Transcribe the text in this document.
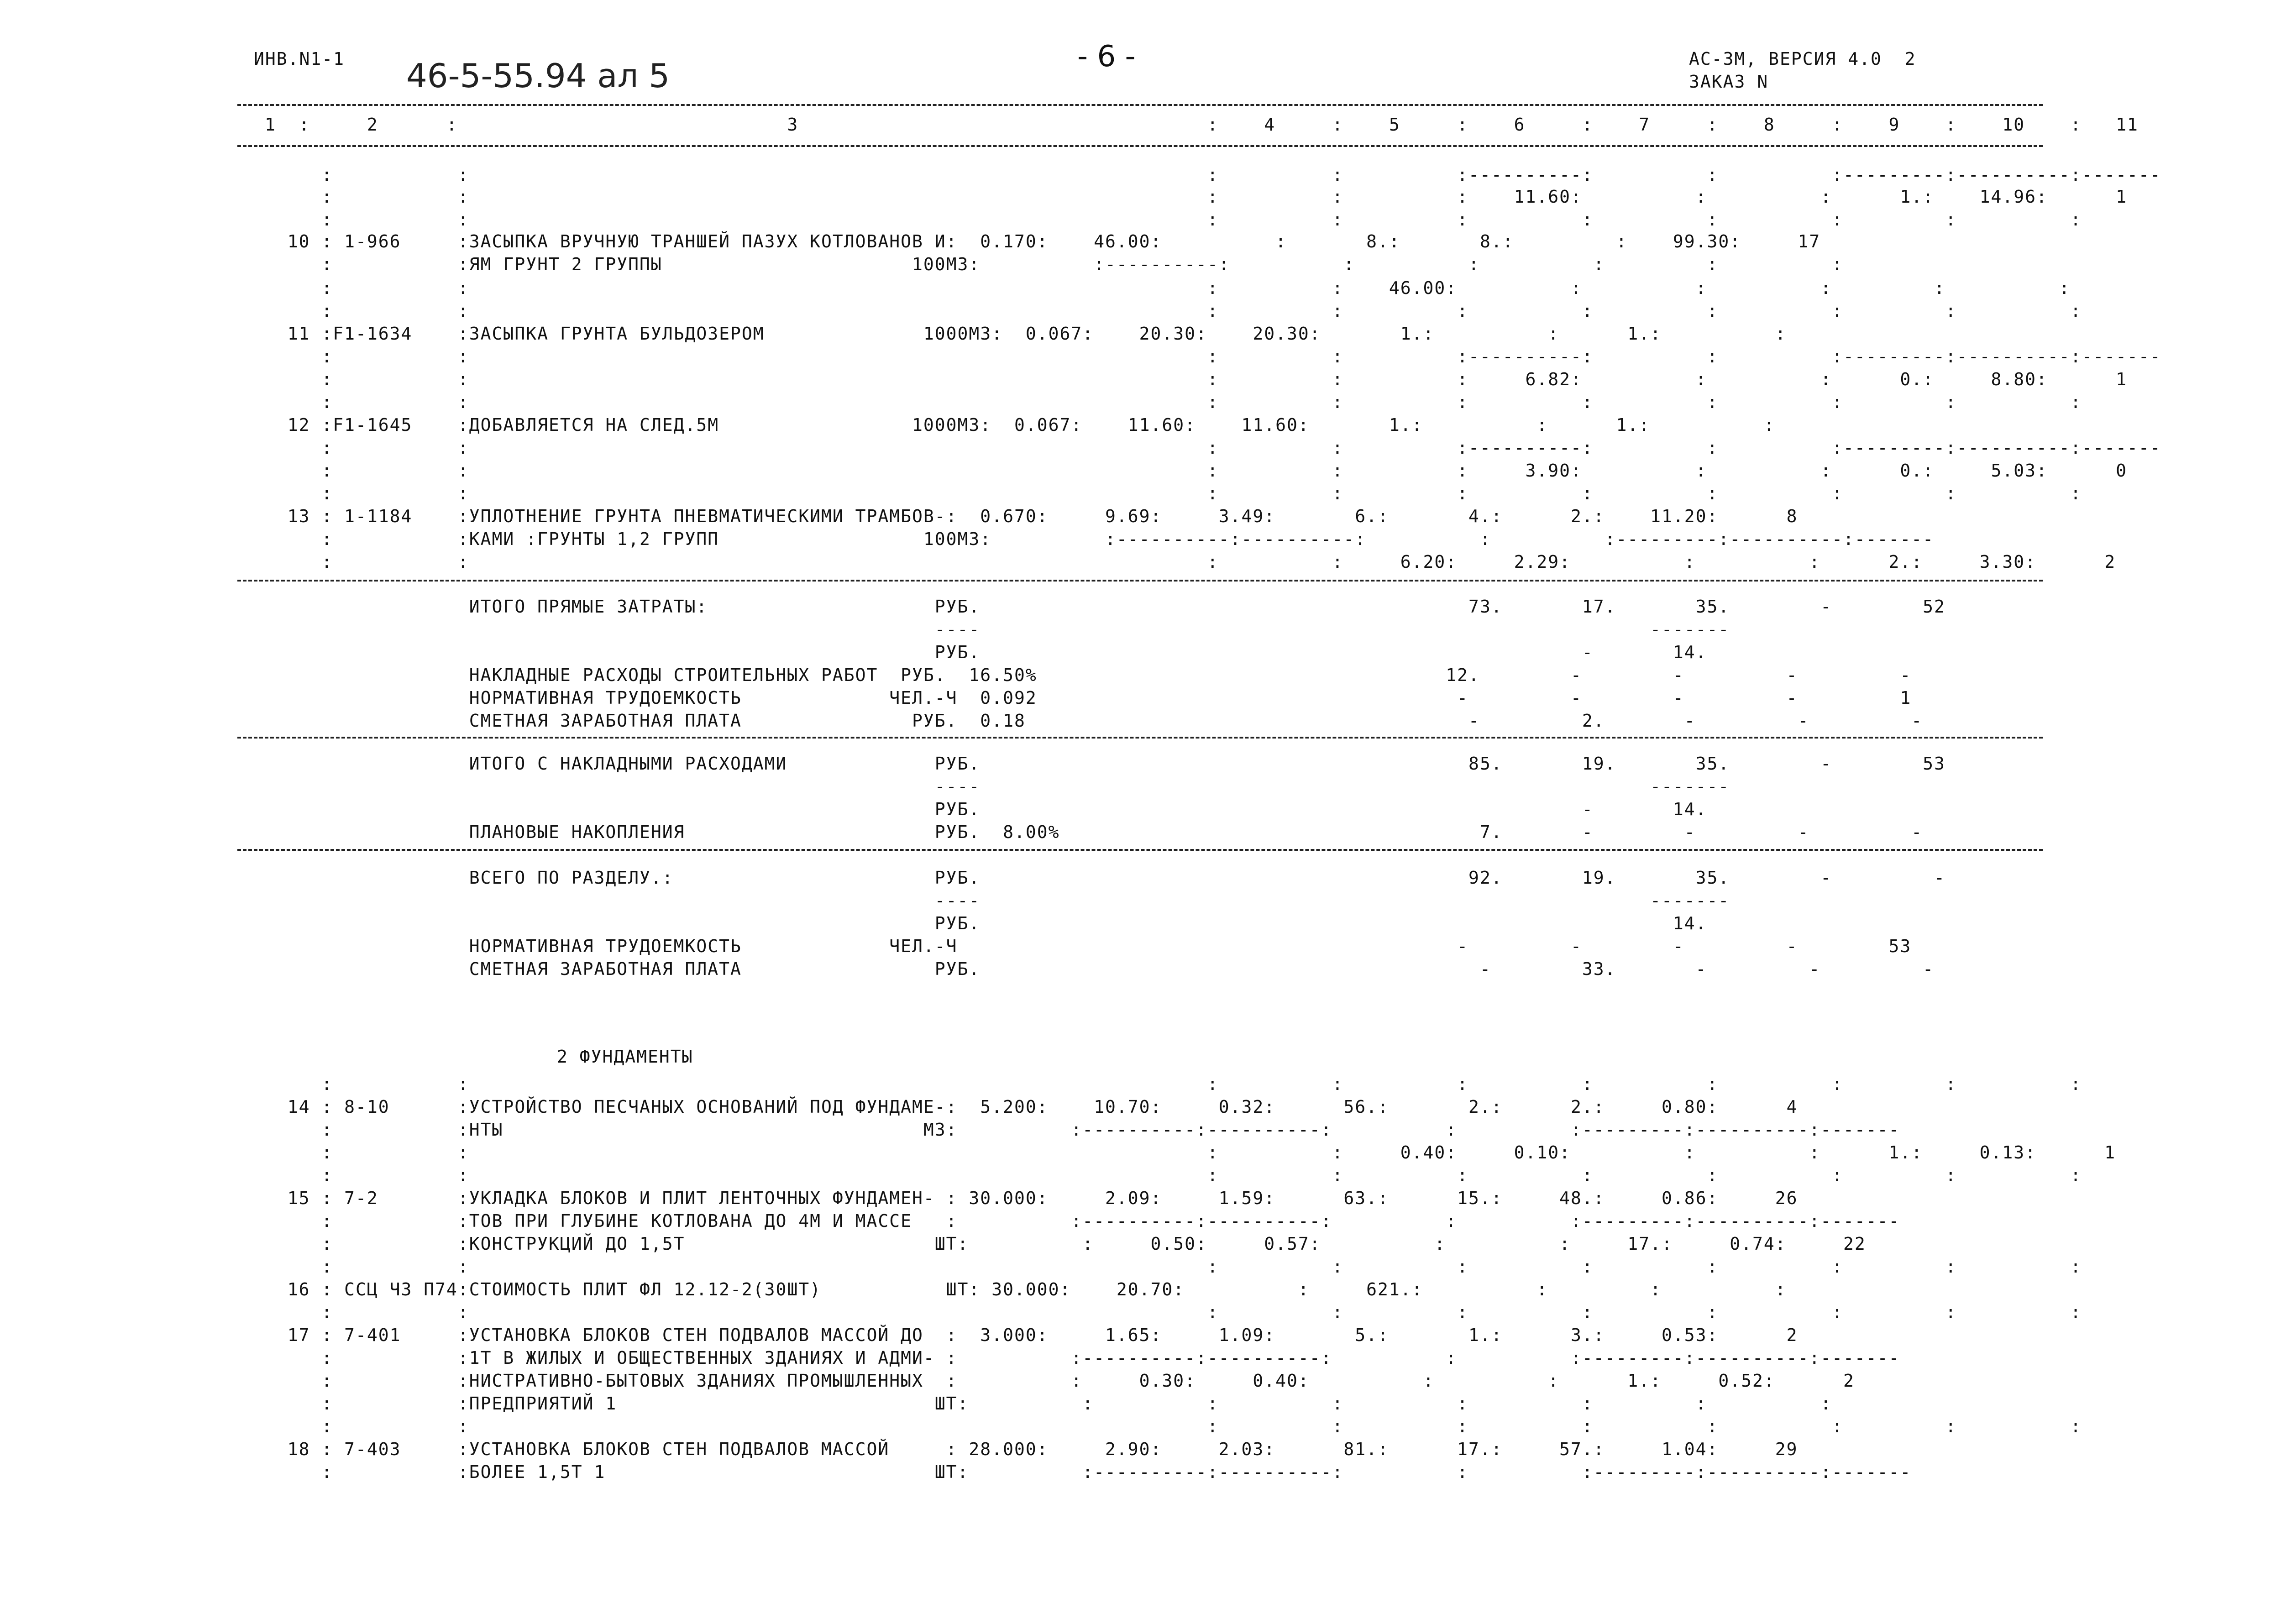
ИНВ.N1-1 46-5-55.94 ал 5	- 6 -	АС-3М, ВЕРСИЯ 4.0  2
ЗАКАЗ N
1  :     2      :                             3                                    :    4     :    5     :    6     :    7     :    8     :    9    :    10    :   11
:           :                                                                 :          :          :----------:          :          :---------:----------:-------
:           :                                                                 :          :          :    11.60:          :          :      1.:    14.96:      1
:           :                                                                 :          :          :          :          :          :         :          :
10 : 1-966     :ЗАСЫПКА ВРУЧНУЮ ТРАНШЕЙ ПАЗУХ КОТЛОВАНОВ И:  0.170:    46.00:          :       8.:       8.:         :    99.30:     17
:           :ЯМ ГРУНТ 2 ГРУППЫ                      100М3:          :----------:          :          :          :         :          :
:           :                                                                 :          :    46.00:          :          :          :         :          :
:           :                                                                 :          :          :          :          :          :         :          :
11 :F1-1634    :ЗАСЫПКА ГРУНТА БУЛЬДОЗЕРОМ              1000М3:  0.067:    20.30:    20.30:       1.:          :      1.:          :
:           :                                                                 :          :          :----------:          :          :---------:----------:-------
:           :                                                                 :          :          :     6.82:          :          :      0.:     8.80:      1
:           :                                                                 :          :          :          :          :          :         :          :
12 :F1-1645    :ДОБАВЛЯЕТСЯ НА СЛЕД.5М                 1000М3:  0.067:    11.60:    11.60:       1.:          :      1.:          :
:           :                                                                 :          :          :----------:          :          :---------:----------:-------
:           :                                                                 :          :          :     3.90:          :          :      0.:     5.03:      0
:           :                                                                 :          :          :          :          :          :         :          :
13 : 1-1184    :УПЛОТНЕНИЕ ГРУНТА ПНЕВМАТИЧЕСКИМИ ТРАМБОВ-:  0.670:     9.69:     3.49:       6.:       4.:      2.:    11.20:      8
:           :КАМИ :ГРУНТЫ 1,2 ГРУПП                  100М3:          :----------:----------:          :          :---------:----------:-------
:           :                                                                 :          :     6.20:     2.29:          :          :      2.:     3.30:      2
ИТОГО ПРЯМЫЕ ЗАТРАТЫ:                    РУБ.                                           73.       17.       35.        -        52
----                                                           -------
РУБ.                                                     -       14.
НАКЛАДНЫЕ РАСХОДЫ СТРОИТЕЛЬНЫХ РАБОТ  РУБ.  16.50%                                    12.        -        -         -         -
НОРМАТИВНАЯ ТРУДОЕМКОСТЬ             ЧЕЛ.-Ч  0.092                                     -         -        -         -         1
СМЕТНАЯ ЗАРАБОТНАЯ ПЛАТА               РУБ.  0.18                                       -         2.       -         -         -
ИТОГО С НАКЛАДНЫМИ РАСХОДАМИ             РУБ.                                           85.       19.       35.        -        53
----                                                           -------
РУБ.                                                     -       14.
ПЛАНОВЫЕ НАКОПЛЕНИЯ                      РУБ.  8.00%                                     7.       -        -         -         -
ВСЕГО ПО РАЗДЕЛУ.:                       РУБ.                                           92.       19.       35.        -         -
----                                                           -------
РУБ.                                                             14.
НОРМАТИВНАЯ ТРУДОЕМКОСТЬ             ЧЕЛ.-Ч                                            -         -        -         -        53
СМЕТНАЯ ЗАРАБОТНАЯ ПЛАТА                 РУБ.                                            -        33.       -         -         -
2 ФУНДАМЕНТЫ
:           :                                                                 :          :          :          :          :          :         :          :
14 : 8-10      :УСТРОЙСТВО ПЕСЧАНЫХ ОСНОВАНИЙ ПОД ФУНДАМЕ-:  5.200:    10.70:     0.32:      56.:       2.:      2.:     0.80:      4
:           :НТЫ                                     М3:          :----------:----------:          :          :---------:----------:-------
:           :                                                                 :          :     0.40:     0.10:          :          :      1.:     0.13:      1
:           :                                                                 :          :          :          :          :          :         :          :
15 : 7-2       :УКЛАДКА БЛОКОВ И ПЛИТ ЛЕНТОЧНЫХ ФУНДАМЕН- : 30.000:     2.09:     1.59:      63.:      15.:     48.:     0.86:     26
:           :ТОВ ПРИ ГЛУБИНЕ КОТЛОВАНА ДО 4М И МАССЕ   :          :----------:----------:          :          :---------:----------:-------
:           :КОНСТРУКЦИЙ ДО 1,5Т                      ШТ:          :     0.50:     0.57:          :          :     17.:     0.74:     22
:           :                                                                 :          :          :          :          :          :         :          :
16 : ССЦ Ч3 П74:СТОИМОСТЬ ПЛИТ ФЛ 12.12-2(30ШТ)           ШТ: 30.000:    20.70:          :     621.:          :         :          :
:           :                                                                 :          :          :          :          :          :         :          :
17 : 7-401     :УСТАНОВКА БЛОКОВ СТЕН ПОДВАЛОВ МАССОЙ ДО  :  3.000:     1.65:     1.09:       5.:       1.:      3.:     0.53:      2
:           :1Т В ЖИЛЫХ И ОБЩЕСТВЕННЫХ ЗДАНИЯХ И АДМИ- :          :----------:----------:          :          :---------:----------:-------
:           :НИСТРАТИВНО-БЫТОВЫХ ЗДАНИЯХ ПРОМЫШЛЕННЫХ  :          :     0.30:     0.40:          :          :      1.:     0.52:      2
:           :ПРЕДПРИЯТИЙ 1                            ШТ:          :          :          :          :          :         :          :
:           :                                                                 :          :          :          :          :          :         :          :
18 : 7-403     :УСТАНОВКА БЛОКОВ СТЕН ПОДВАЛОВ МАССОЙ     : 28.000:     2.90:     2.03:      81.:      17.:     57.:     1.04:     29
:           :БОЛЕЕ 1,5Т 1                             ШТ:          :----------:----------:          :          :---------:----------:-------
